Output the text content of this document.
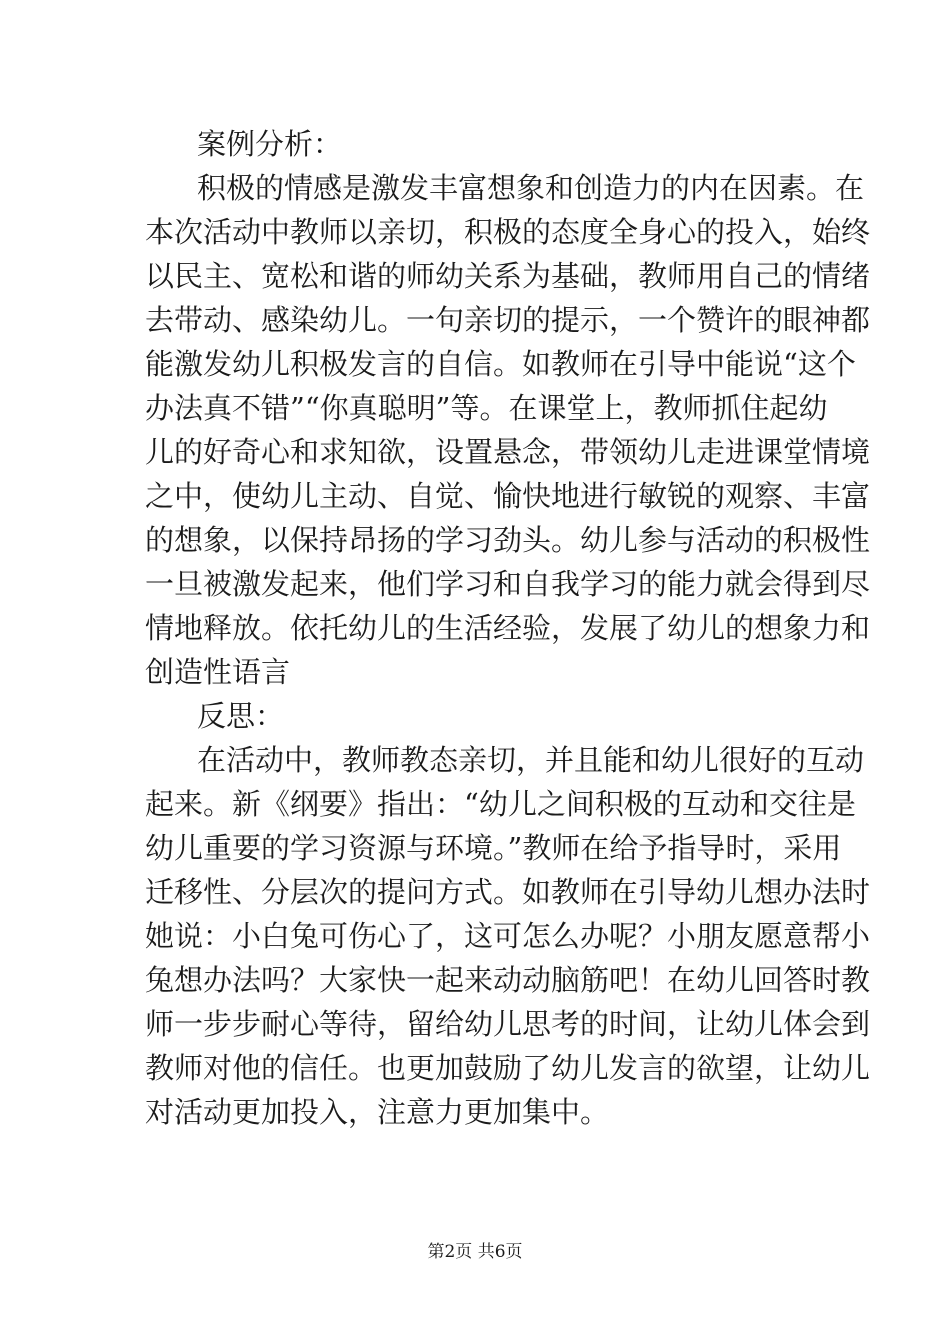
案例分析：
积极的情感是激发丰富想象和创造力的内在因素。在
本次活动中教师以亲切，积极的态度全身心的投入，始终
以民主、宽松和谐的师幼关系为基础，教师用自己的情绪
去带动、感染幼儿。一句亲切的提示，一个赞许的眼神都
能激发幼儿积极发言的自信。如教师在引导中能说“这个
办法真不错”“你真聪明”等。在课堂上，教师抓住起幼
儿的好奇心和求知欲，设置悬念，带领幼儿走进课堂情境
之中，使幼儿主动、自觉、愉快地进行敏锐的观察、丰富
的想象，以保持昂扬的学习劲头。幼儿参与活动的积极性
一旦被激发起来，他们学习和自我学习的能力就会得到尽
情地释放。依托幼儿的生活经验，发展了幼儿的想象力和
创造性语言
反思：
在活动中，教师教态亲切，并且能和幼儿很好的互动
起来。新《纲要》指出：“幼儿之间积极的互动和交往是
幼儿重要的学习资源与环境。”教师在给予指导时，采用
迁移性、分层次的提问方式。如教师在引导幼儿想办法时
她说：小白兔可伤心了，这可怎么办呢？小朋友愿意帮小
兔想办法吗？大家快一起来动动脑筋吧！在幼儿回答时教
师一步步耐心等待，留给幼儿思考的时间，让幼儿体会到
教师对他的信任。也更加鼓励了幼儿发言的欲望，让幼儿
对活动更加投入，注意力更加集中。
第2页 共6页
